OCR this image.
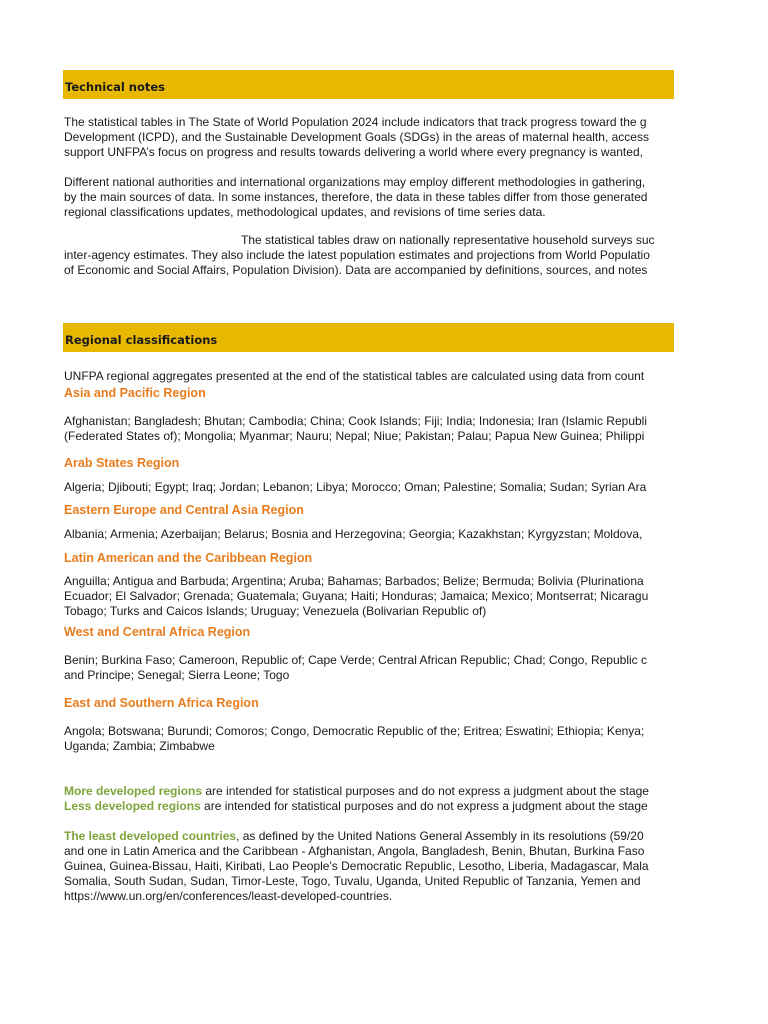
Technical notes
The statistical tables in The State of World Population 2024 include indicators that track progress toward the g
Development (ICPD), and the Sustainable Development Goals (SDGs) in the areas of maternal health, access
support UNFPA’s focus on progress and results towards delivering a world where every pregnancy is wanted,
Different national authorities and international organizations may employ different methodologies in gathering,
by the main sources of data. In some instances, therefore, the data in these tables differ from those generated
regional classifications updates, methodological updates, and revisions of time series data.
The statistical tables draw on nationally representative household surveys suc
inter-agency estimates. They also include the latest population estimates and projections from World Populatio
of Economic and Social Affairs, Population Division). Data are accompanied by definitions, sources, and notes
Regional classifications
UNFPA regional aggregates presented at the end of the statistical tables are calculated using data from count
Asia and Pacific Region
Afghanistan; Bangladesh; Bhutan; Cambodia; China; Cook Islands; Fiji; India; Indonesia; Iran (Islamic Republi
(Federated States of); Mongolia; Myanmar; Nauru; Nepal; Niue; Pakistan; Palau; Papua New Guinea; Philippi
Arab States Region
Algeria; Djibouti; Egypt; Iraq; Jordan; Lebanon; Libya; Morocco; Oman; Palestine; Somalia; Sudan; Syrian Ara
Eastern Europe and Central Asia Region
Albania; Armenia; Azerbaijan; Belarus; Bosnia and Herzegovina; Georgia; Kazakhstan; Kyrgyzstan; Moldova,
Latin American and the Caribbean Region
Anguilla; Antigua and Barbuda; Argentina; Aruba; Bahamas; Barbados; Belize; Bermuda; Bolivia (Plurinationa
Ecuador; El Salvador; Grenada; Guatemala; Guyana; Haiti; Honduras; Jamaica; Mexico; Montserrat; Nicaragu
Tobago; Turks and Caicos Islands; Uruguay; Venezuela (Bolivarian Republic of)
West and Central Africa Region
Benin; Burkina Faso; Cameroon, Republic of; Cape Verde; Central African Republic; Chad; Congo, Republic c
and Principe; Senegal; Sierra Leone; Togo
East and Southern Africa Region
Angola; Botswana; Burundi; Comoros; Congo, Democratic Republic of the; Eritrea; Eswatini; Ethiopia; Kenya;
Uganda; Zambia; Zimbabwe
More developed regions are intended for statistical purposes and do not express a judgment about the stage
Less developed regions are intended for statistical purposes and do not express a judgment about the stage
The least developed countries, as defined by the United Nations General Assembly in its resolutions (59/20
and one in Latin America and the Caribbean - Afghanistan, Angola, Bangladesh, Benin, Bhutan, Burkina Faso
Guinea, Guinea-Bissau, Haiti, Kiribati, Lao People's Democratic Republic, Lesotho, Liberia, Madagascar, Mala
Somalia, South Sudan, Sudan, Timor-Leste, Togo, Tuvalu, Uganda, United Republic of Tanzania, Yemen and
https://www.un.org/en/conferences/least-developed-countries.
